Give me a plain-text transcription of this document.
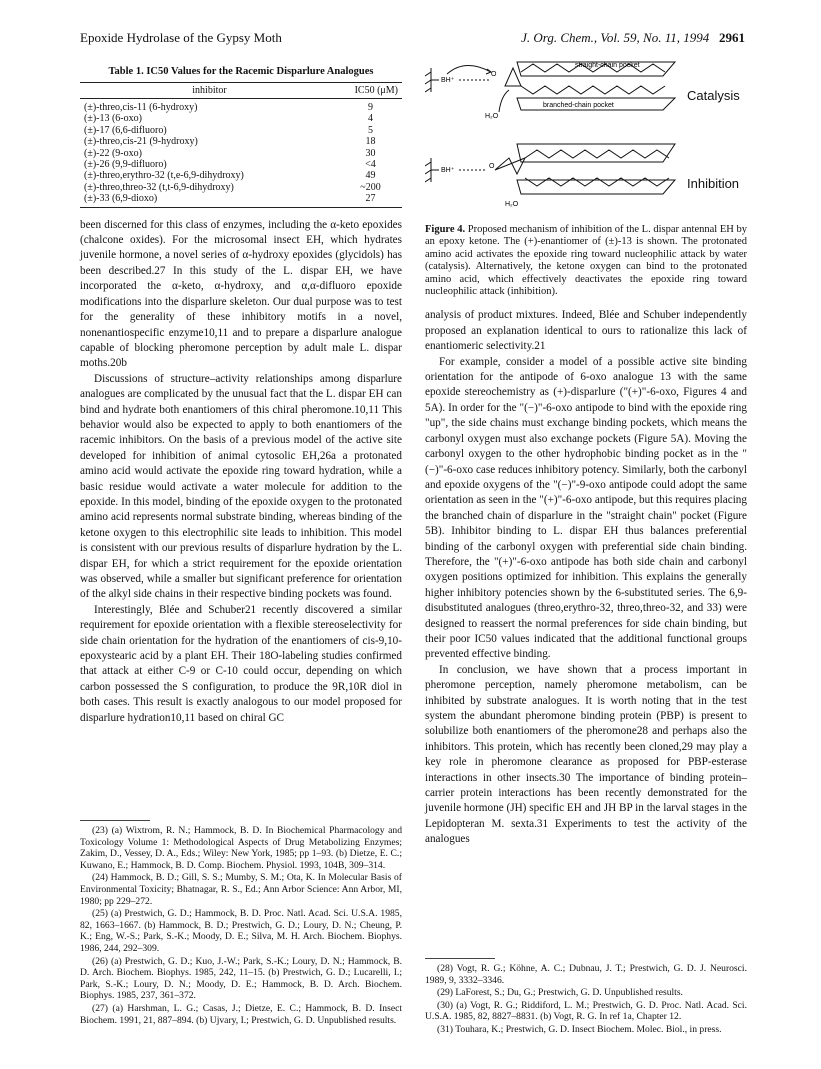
Epoxide Hydrolase of the Gypsy Moth	J. Org. Chem., Vol. 59, No. 11, 1994 2961
Table 1. IC50 Values for the Racemic Disparlure Analogues
inhibitor	IC50 (μM)
(±)-threo,cis-11 (6-hydroxy)	9
(±)-13 (6-oxo)	4
(±)-17 (6,6-difluoro)	5
(±)-threo,cis-21 (9-hydroxy)	18
(±)-22 (9-oxo)	30
(±)-26 (9,9-difluoro)	<4
(±)-threo,erythro-32 (t,e-6,9-dihydroxy)	49
(±)-threo,threo-32 (t,t-6,9-dihydroxy)	~200
(±)-33 (6,9-dioxo)	27

been discerned for this class of enzymes, including the α-keto epoxides (chalcone oxides). For the microsomal insect EH, which hydrates juvenile hormone, a novel series of α-hydroxy epoxides (glycidols) has been described.27 In this study of the L. dispar EH, we have incorporated the α-keto, α-hydroxy, and α,α-difluoro epoxide modifications into the disparlure skeleton. Our dual purpose was to test for the generality of these inhibitory motifs in a novel, nonenantiospecific enzyme10,11 and to prepare a disparlure analogue capable of blocking pheromone perception by adult male L. dispar moths.20b

Discussions of structure–activity relationships among disparlure analogues are complicated by the unusual fact that the L. dispar EH can bind and hydrate both enantiomers of this chiral pheromone.10,11 This behavior would also be expected to apply to both enantiomers of the racemic inhibitors. On the basis of a previous model of the active site developed for inhibition of animal cytosolic EH,26a a protonated amino acid would activate the epoxide ring toward hydration, while a basic residue would activate a water molecule for addition to the epoxide. In this model, binding of the epoxide oxygen to the protonated amino acid represents normal substrate binding, whereas binding of the ketone oxygen to this electrophilic site leads to inhibition. This model is consistent with our previous results of disparlure hydration by the L. dispar EH, for which a strict requirement for the epoxide orientation was observed, while a smaller but significant preference for orientation of the alkyl side chains in their respective binding pockets was found.

Interestingly, Blée and Schuber21 recently discovered a similar requirement for epoxide orientation with a flexible stereoselectivity for side chain orientation for the hydration of the enantiomers of cis-9,10-epoxystearic acid by a plant EH. Their 18O-labeling studies confirmed that attack at either C-9 or C-10 could occur, depending on which carbon possessed the S configuration, to produce the 9R,10R diol in both cases. This result is exactly analogous to our model proposed for disparlure hydration10,11 based on chiral GC

(23) (a) Wixtrom, R. N.; Hammock, B. D. In Biochemical Pharmacology and Toxicology Volume 1: Methodological Aspects of Drug Metabolizing Enzymes; Zakim, D., Vessey, D. A., Eds.; Wiley: New York, 1985; pp 1–93. (b) Dietze, E. C.; Kuwano, E.; Hammock, B. D. Comp. Biochem. Physiol. 1993, 104B, 309–314.

(24) Hammock, B. D.; Gill, S. S.; Mumby, S. M.; Ota, K. In Molecular Basis of Environmental Toxicity; Bhatnagar, R. S., Ed.; Ann Arbor Science: Ann Arbor, MI, 1980; pp 229–272.

(25) (a) Prestwich, G. D.; Hammock, B. D. Proc. Natl. Acad. Sci. U.S.A. 1985, 82, 1663–1667. (b) Hammock, B. D.; Prestwich, G. D.; Loury, D. N.; Cheung, P. K.; Eng, W.-S.; Park, S.-K.; Moody, D. E.; Silva, M. H. Arch. Biochem. Biophys. 1986, 244, 292–309.

(26) (a) Prestwich, G. D.; Kuo, J.-W.; Park, S.-K.; Loury, D. N.; Hammock, B. D. Arch. Biochem. Biophys. 1985, 242, 11–15. (b) Prestwich, G. D.; Lucarelli, I.; Park, S.-K.; Loury, D. N.; Moody, D. E.; Hammock, B. D. Arch. Biochem. Biophys. 1985, 237, 361–372.

(27) (a) Harshman, L. G.; Casas, J.; Dietze, E. C.; Hammock, B. D. Insect Biochem. 1991, 21, 887–894. (b) Ujvary, I.; Prestwich, G. D. Unpublished results.

BH⁺
O
straight-chain pocket
branched-chain pocket
H₂O
BH⁺
O
H₂O
Catalysis
Inhibition

Figure 4. Proposed mechanism of inhibition of the L. dispar antennal EH by an epoxy ketone. The (+)-enantiomer of (±)-13 is shown. The protonated amino acid activates the epoxide ring toward nucleophilic attack by water (catalysis). Alternatively, the ketone oxygen can bind to the protonated amino acid, which effectively deactivates the epoxide ring toward nucleophilic attack (inhibition).

analysis of product mixtures. Indeed, Blée and Schuber independently proposed an explanation identical to ours to rationalize this lack of enantiomeric selectivity.21

For example, consider a model of a possible active site binding orientation for the antipode of 6-oxo analogue 13 with the same epoxide stereochemistry as (+)-disparlure ("(+)"-6-oxo, Figures 4 and 5A). In order for the "(−)"-6-oxo antipode to bind with the epoxide ring "up", the side chains must exchange binding pockets, which means the carbonyl oxygen must also exchange pockets (Figure 5A). Moving the carbonyl oxygen to the other hydrophobic binding pocket as in the "(−)"-6-oxo case reduces inhibitory potency. Similarly, both the carbonyl and epoxide oxygens of the "(−)"-9-oxo antipode could adopt the same orientation as seen in the "(+)"-6-oxo antipode, but this requires placing the branched chain of disparlure in the "straight chain" pocket (Figure 5B). Inhibitor binding to L. dispar EH thus balances preferential binding of the carbonyl oxygen with preferential side chain binding. Therefore, the "(+)"-6-oxo antipode has both side chain and carbonyl oxygen positions optimized for inhibition. This explains the generally higher inhibitory potencies shown by the 6-substituted series. The 6,9-disubstituted analogues (threo,erythro-32, threo,threo-32, and 33) were designed to reassert the normal preferences for side chain binding, but their poor IC50 values indicated that the additional functional groups prevented effective binding.

In conclusion, we have shown that a process important in pheromone perception, namely pheromone metabolism, can be inhibited by substrate analogues. It is worth noting that in the test system the abundant pheromone binding protein (PBP) is present to solubilize both enantiomers of the pheromone28 and perhaps also the inhibitors. This protein, which has recently been cloned,29 may play a key role in pheromone clearance as proposed for PBP-esterase interactions in other insects.30 The importance of binding protein–carrier protein interactions has been recently demonstrated for the juvenile hormone (JH) specific EH and JH BP in the larval stages in the Lepidopteran M. sexta.31 Experiments to test the activity of the analogues

(28) Vogt, R. G.; Köhne, A. C.; Dubnau, J. T.; Prestwich, G. D. J. Neurosci. 1989, 9, 3332–3346.

(29) LaForest, S.; Du, G.; Prestwich, G. D. Unpublished results.

(30) (a) Vogt, R. G.; Riddiford, L. M.; Prestwich, G. D. Proc. Natl. Acad. Sci. U.S.A. 1985, 82, 8827–8831. (b) Vogt, R. G. In ref 1a, Chapter 12.

(31) Touhara, K.; Prestwich, G. D. Insect Biochem. Molec. Biol., in press.
